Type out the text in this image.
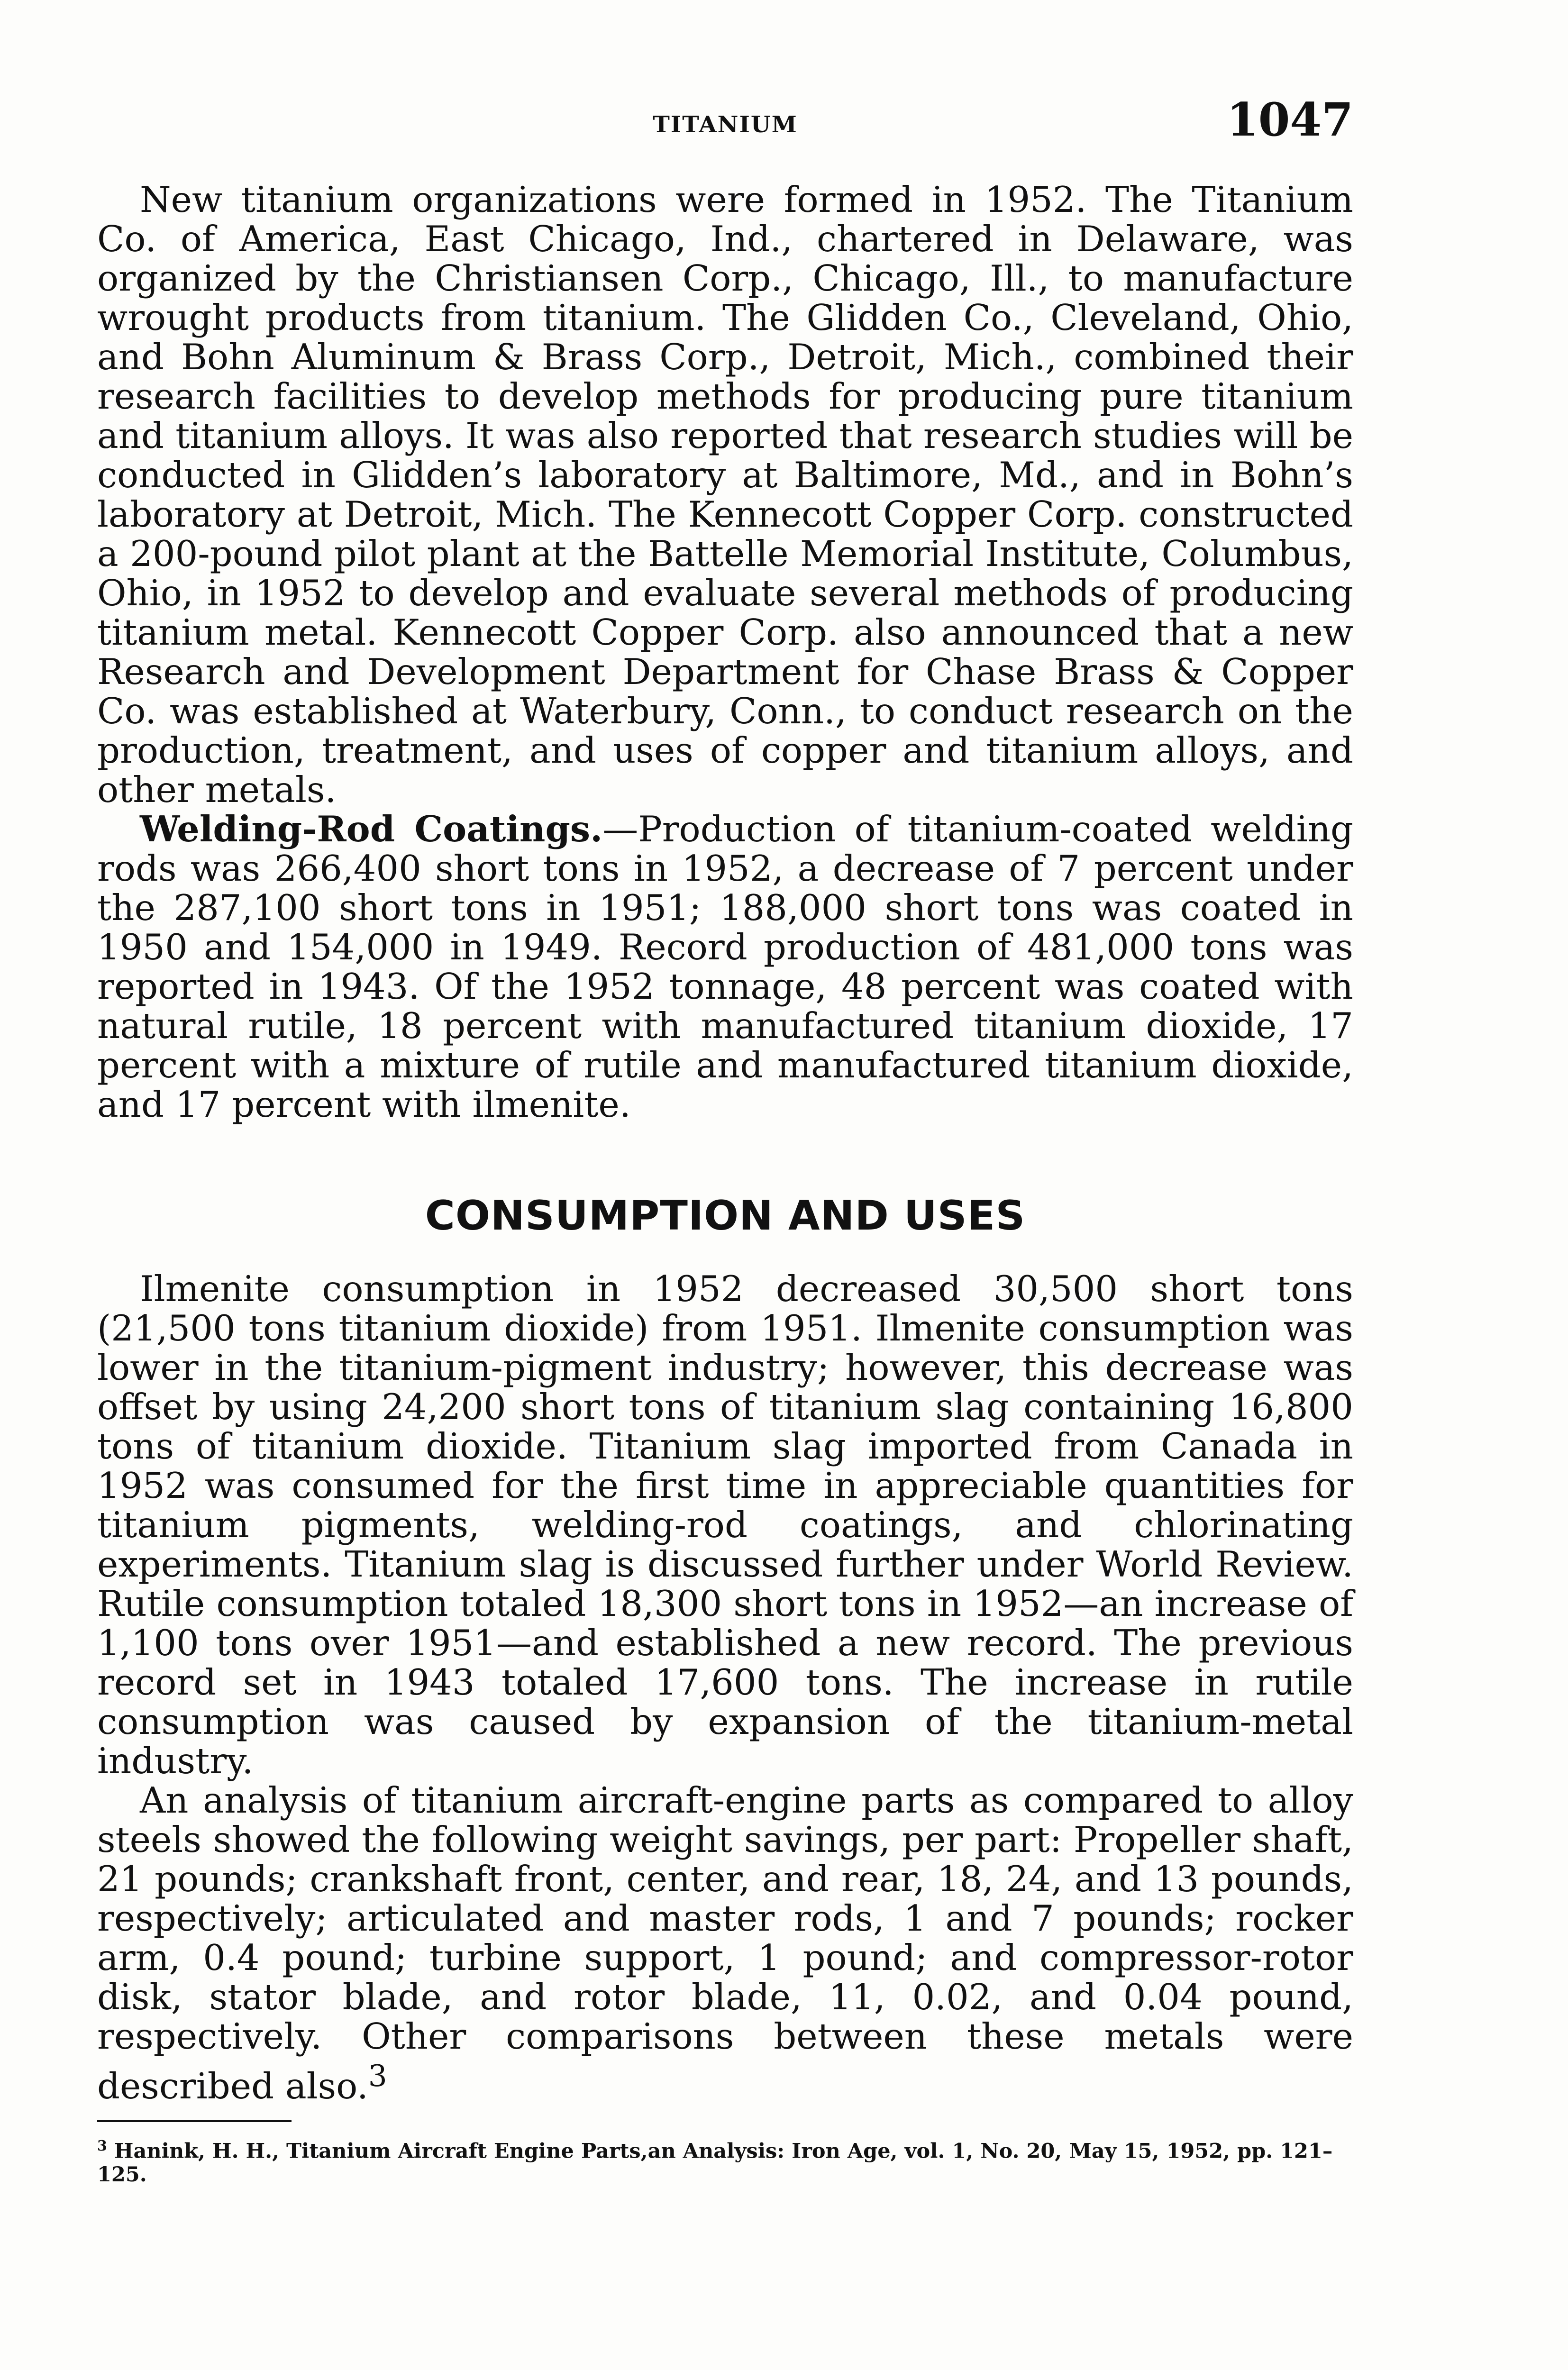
TITANIUM	1047

New titanium organizations were formed in 1952. The Titanium Co. of America, East Chicago, Ind., chartered in Delaware, was organized by the Christiansen Corp., Chicago, Ill., to manufacture wrought products from titanium. The Glidden Co., Cleveland, Ohio, and Bohn Aluminum & Brass Corp., Detroit, Mich., combined their research facilities to develop methods for producing pure titanium and titanium alloys. It was also reported that research studies will be conducted in Glidden’s laboratory at Baltimore, Md., and in Bohn’s laboratory at Detroit, Mich. The Kennecott Copper Corp. constructed a 200-pound pilot plant at the Battelle Memorial Institute, Columbus, Ohio, in 1952 to develop and evaluate several methods of producing titanium metal. Kennecott Copper Corp. also announced that a new Research and Development Department for Chase Brass & Copper Co. was established at Waterbury, Conn., to conduct research on the production, treatment, and uses of copper and titanium alloys, and other metals.

Welding-Rod Coatings.—Production of titanium-coated welding rods was 266,400 short tons in 1952, a decrease of 7 percent under the 287,100 short tons in 1951; 188,000 short tons was coated in 1950 and 154,000 in 1949. Record production of 481,000 tons was reported in 1943. Of the 1952 tonnage, 48 percent was coated with natural rutile, 18 percent with manufactured titanium dioxide, 17 percent with a mixture of rutile and manufactured titanium dioxide, and 17 percent with ilmenite.

CONSUMPTION AND USES

Ilmenite consumption in 1952 decreased 30,500 short tons (21,500 tons titanium dioxide) from 1951. Ilmenite consumption was lower in the titanium-pigment industry; however, this decrease was offset by using 24,200 short tons of titanium slag containing 16,800 tons of titanium dioxide. Titanium slag imported from Canada in 1952 was consumed for the first time in appreciable quantities for titanium pigments, welding-rod coatings, and chlorinating experiments. Titanium slag is discussed further under World Review. Rutile consumption totaled 18,300 short tons in 1952—an increase of 1,100 tons over 1951—and established a new record. The previous record set in 1943 totaled 17,600 tons. The increase in rutile consumption was caused by expansion of the titanium-metal industry.

An analysis of titanium aircraft-engine parts as compared to alloy steels showed the following weight savings, per part: Propeller shaft, 21 pounds; crankshaft front, center, and rear, 18, 24, and 13 pounds, respectively; articulated and master rods, 1 and 7 pounds; rocker arm, 0.4 pound; turbine support, 1 pound; and compressor-rotor disk, stator blade, and rotor blade, 11, 0.02, and 0.04 pound, respectively. Other comparisons between these metals were described also.$^3$

$^3$ Hanink, H. H., Titanium Aircraft Engine Parts,an Analysis: Iron Age, vol. 1, No. 20, May 15, 1952, pp. 121–125.
